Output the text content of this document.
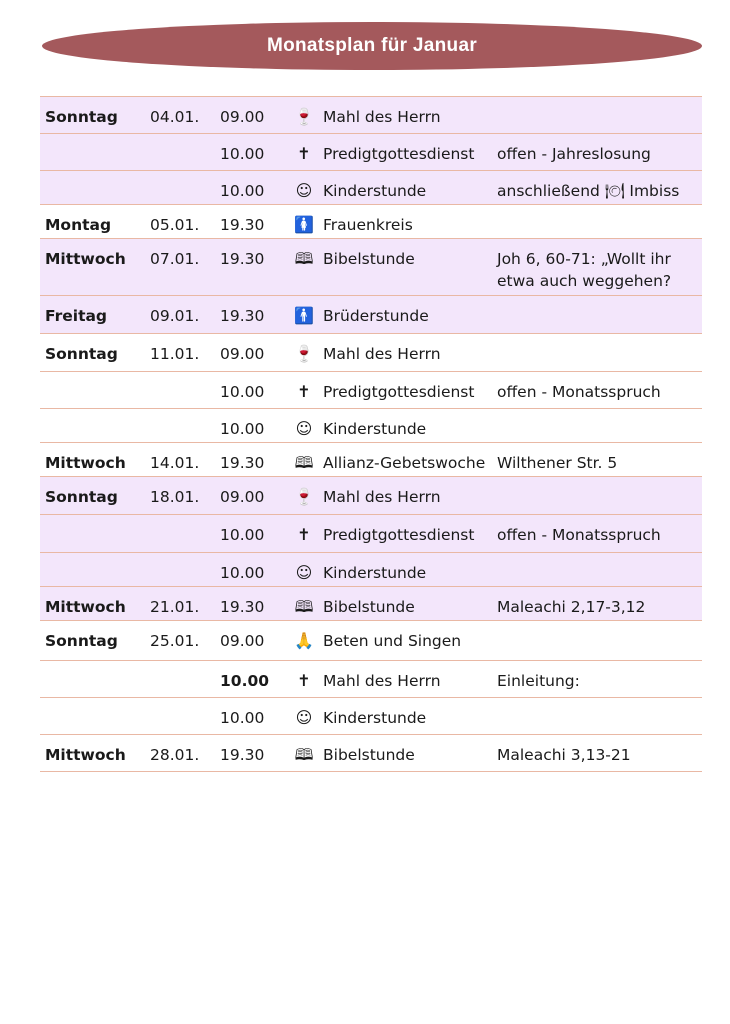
Monatsplan für Januar
Sonntag	04.01.	09.00	🍷	Mahl des Herrn	

		10.00	✝	Predigtgottesdienst	offen - Jahreslosung

		10.00	☺	Kinderstunde	anschließend 🍽 Imbiss

Montag	05.01.	19.30	🚺	Frauenkreis	

Mittwoch	07.01.	19.30	🕮	Bibelstunde	Joh 6, 60-71: „Wollt ihr etwa auch weggehen?

Freitag	09.01.	19.30	🚹	Brüderstunde	

Sonntag	11.01.	09.00	🍷	Mahl des Herrn	

		10.00	✝	Predigtgottesdienst	offen - Monatsspruch

		10.00	☺	Kinderstunde	

Mittwoch	14.01.	19.30	🕮	Allianz-Gebetswoche	Wilthener Str. 5

Sonntag	18.01.	09.00	🍷	Mahl des Herrn	

		10.00	✝	Predigtgottesdienst	offen - Monatsspruch

		10.00	☺	Kinderstunde	

Mittwoch	21.01.	19.30	🕮	Bibelstunde	Maleachi 2,17-3,12

Sonntag	25.01.	09.00	🙏	Beten und Singen	

		10.00	✝	Mahl des Herrn	Einleitung:

		10.00	☺	Kinderstunde	

Mittwoch	28.01.	19.30	🕮	Bibelstunde	Maleachi 3,13-21
